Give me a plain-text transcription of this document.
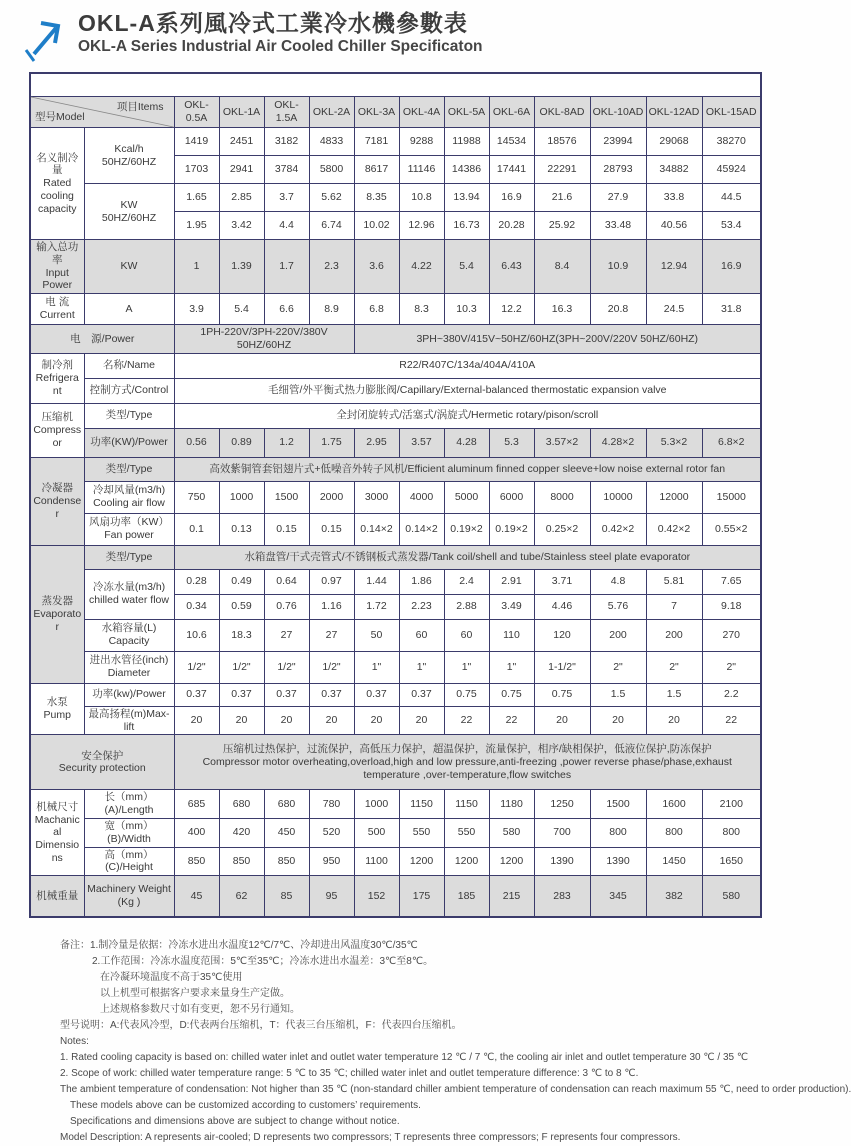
OKL-A系列風冷式工業冷水機參數表
OKL-A Series Industrial Air Cooled Chiller Specificaton
OKL-A系列风冷式工业冷水机参数表													

型号Model
项目Items		OKL-0.5A	OKL-1A	OKL-1.5A	OKL-2A	OKL-3A	OKL-4A	OKL-5A	OKL-6A	OKL-8AD	OKL-10AD	OKL-12AD	OKL-15AD

名义制冷量
Rated cooling capacity	Kcal/h
50HZ/60HZ	1419	2451	3182	4833	7181	9288	11988	14534	18576	23994	29068	38270
		1703	2941	3784	5800	8617	11146	14386	17441	22291	28793	34882	45924

	KW
50HZ/60HZ	1.65	2.85	3.7	5.62	8.35	10.8	13.94	16.9	21.6	27.9	33.8	44.5
		1.95	3.42	4.4	6.74	10.02	12.96	16.73	20.28	25.92	33.48	40.56	53.4

输入总功率
Input Power	KW	1	1.39	1.7	2.3	3.6	4.22	5.4	6.43	8.4	10.9	12.94	16.9

电 流
Current	A	3.9	5.4	6.6	8.9	6.8	8.3	10.3	12.2	16.3	20.8	24.5	31.8
电　源/Power		1PH-220V/3PH-220V/380V 50HZ/60HZ				3PH~380V/415V~50HZ/60HZ(3PH~200V/220V 50HZ/60HZ)							

制冷剂
Refrigerant	名称/Name	R22/R407C/134a/404A/410A											
	控制方式/Control	毛细管/外平衡式热力膨胀阀/Capillary/External-balanced thermostatic expansion valve											

压缩机
Compressor	类型/Type	全封闭旋转式/活塞式/涡旋式/Hermetic rotary/pison/scroll											
	功率(KW)/Power	0.56	0.89	1.2	1.75	2.95	3.57	4.28	5.3	3.57×2	4.28×2	5.3×2	6.8×2

冷凝器
Condenser	类型/Type	高效紫铜管套铝翅片式+低噪音外转子风机/Efficient aluminum finned copper sleeve+low noise external rotor fan											

	冷却风量(m3/h)
Cooling air flow	750	1000	1500	2000	3000	4000	5000	6000	8000	10000	12000	15000

	风扇功率（KW）
Fan power	0.1	0.13	0.15	0.15	0.14×2	0.14×2	0.19×2	0.19×2	0.25×2	0.42×2	0.42×2	0.55×2

蒸发器
Evaporator	类型/Type	水箱盘管/干式壳管式/不锈钢板式蒸发器/Tank coil/shell and tube/Stainless steel plate evaporator											

	冷冻水量(m3/h)
chilled water flow	0.28	0.49	0.64	0.97	1.44	1.86	2.4	2.91	3.71	4.8	5.81	7.65
		0.34	0.59	0.76	1.16	1.72	2.23	2.88	3.49	4.46	5.76	7	9.18

	水箱容量(L)
Capacity	10.6	18.3	27	27	50	60	60	110	120	200	200	270

	进出水管径(inch)
Diameter	1/2"	1/2"	1/2"	1/2"	1"	1"	1"	1"	1-1/2"	2"	2"	2"

水泵
Pump	功率(kw)/Power	0.37	0.37	0.37	0.37	0.37	0.37	0.75	0.75	0.75	1.5	1.5	2.2
	最高扬程(m)Max-lift	20	20	20	20	20	20	22	22	20	20	20	22

安全保护
Security protection		压缩机过热保护，过流保护，高低压力保护，超温保护，流量保护，相序/缺相保护，低液位保护,防冻保护
Compressor motor overheating,overload,high and low pressure,anti-freezing ,power reverse phase/phase,exhaust temperature ,over-temperature,flow switches											

机械尺寸
Machanical Dimensions	长（mm）(A)/Length	685	680	680	780	1000	1150	1150	1180	1250	1500	1600	2100
	宽（mm）(B)/Width	400	420	450	520	500	550	550	580	700	800	800	800
	高（mm）(C)/Height	850	850	850	950	1100	1200	1200	1200	1390	1390	1450	1650
机械重量	Machinery Weight
(Kg )	45	62	85	95	152	175	185	215	283	345	382	580
备注：1.制冷量是依据：冷冻水进出水温度12℃/7℃、冷却进出风温度30℃/35℃
2.工作范围：冷冻水温度范围：5℃至35℃；冷冻水进出水温差：3℃至8℃。
在冷凝环境温度不高于35℃使用
以上机型可根据客户要求来量身生产定做。
上述规格参数尺寸如有变更，恕不另行通知。
型号说明：A:代表风冷型，D:代表两台压缩机，T：代表三台压缩机，F：代表四台压缩机。
Notes:
1. Rated cooling capacity is based on: chilled water inlet and outlet water temperature 12 ℃ / 7 ℃, the cooling air inlet and outlet temperature 30 ℃ / 35 ℃
2. Scope of work: chilled water temperature range: 5 ℃ to 35 ℃; chilled water inlet and outlet temperature difference: 3 ℃ to 8 ℃.
The ambient temperature of condensation: Not higher than 35 ℃ (non-standard chiller ambient temperature of condensation can reach maximum 55 ℃, need to order production).
These models above can be customized according to customers’ requirements.
Specifications and dimensions above are subject to change without notice.
Model Description: A represents air-cooled; D represents two compressors; T represents three compressors; F represents four compressors.
